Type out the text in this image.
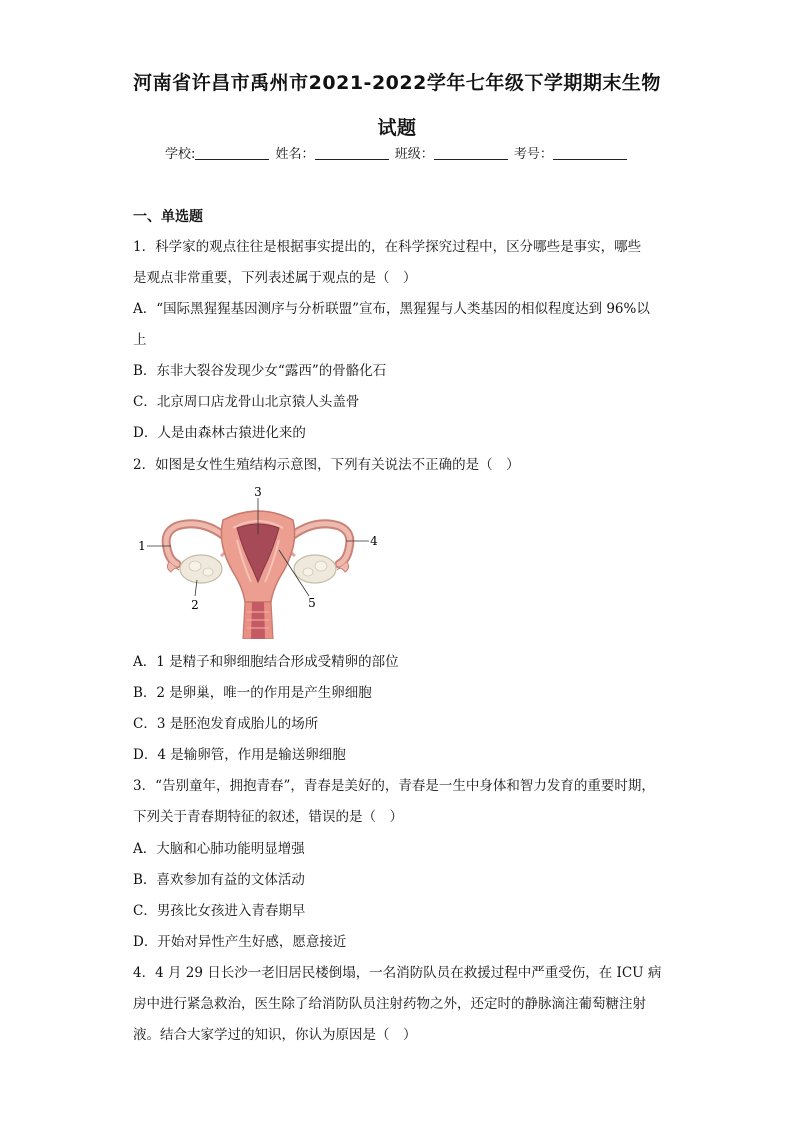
河南省许昌市禹州市2021-2022学年七年级下学期期末生物
试题
学校:	姓名：	班级：	考号：
一、单选题
1．科学家的观点往往是根据事实提出的，在科学探究过程中，区分哪些是事实，哪些
是观点非常重要，下列表述属于观点的是（　）
A．“国际黑猩猩基因测序与分析联盟”宣布，黑猩猩与人类基因的相似程度达到 96%以
上
B．东非大裂谷发现少女“露西”的骨骼化石
C．北京周口店龙骨山北京猿人头盖骨
D．人是由森林古猿进化来的
2．如图是女性生殖结构示意图，下列有关说法不正确的是（　）
3
1	4
2	5
A．1 是精子和卵细胞结合形成受精卵的部位
B．2 是卵巢，唯一的作用是产生卵细胞
C．3 是胚泡发育成胎儿的场所
D．4 是输卵管，作用是输送卵细胞
3．“告别童年，拥抱青春”，青春是美好的，青春是一生中身体和智力发育的重要时期，
下列关于青春期特征的叙述，错误的是（　）
A．大脑和心肺功能明显增强
B．喜欢参加有益的文体活动
C．男孩比女孩进入青春期早
D．开始对异性产生好感，愿意接近
4．4 月 29 日长沙一老旧居民楼倒塌，一名消防队员在救援过程中严重受伤，在 ICU 病
房中进行紧急救治，医生除了给消防队员注射药物之外，还定时的静脉滴注葡萄糖注射
液。结合大家学过的知识，你认为原因是（　）
